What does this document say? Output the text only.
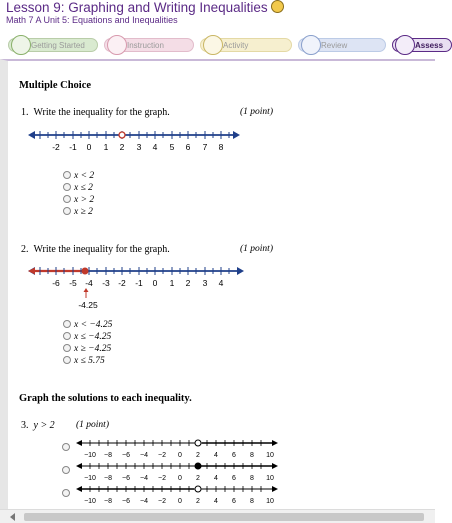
Lesson 9: Graphing and Writing Inequalities
Math 7 A Unit 5: Equations and Inequalities
Getting Started	Instruction	Activity	Review	Assess
Multiple Choice
1. Write the inequality for the graph.	(1 point)
-2 -1 0 1 2 3 4 5 6 7 8
x < 2
x ≤ 2
x > 2
x ≥ 2
2. Write the inequality for the graph.	(1 point)
-6 -5 -4 -3 -2 -1 0 1 2 3 4
-4.25
x < −4.25
x ≤ −4.25
x ≥ −4.25
x ≤ 5.75
Graph the solutions to each inequality.
3. y > 2 (1 point)
−10 −8 −6 −4 −2 0 2 4 6 8 10
−10 −8 −6 −4 −2 0 2 4 6 8 10
−10 −8 −6 −4 −2 0 2 4 6 8 10
